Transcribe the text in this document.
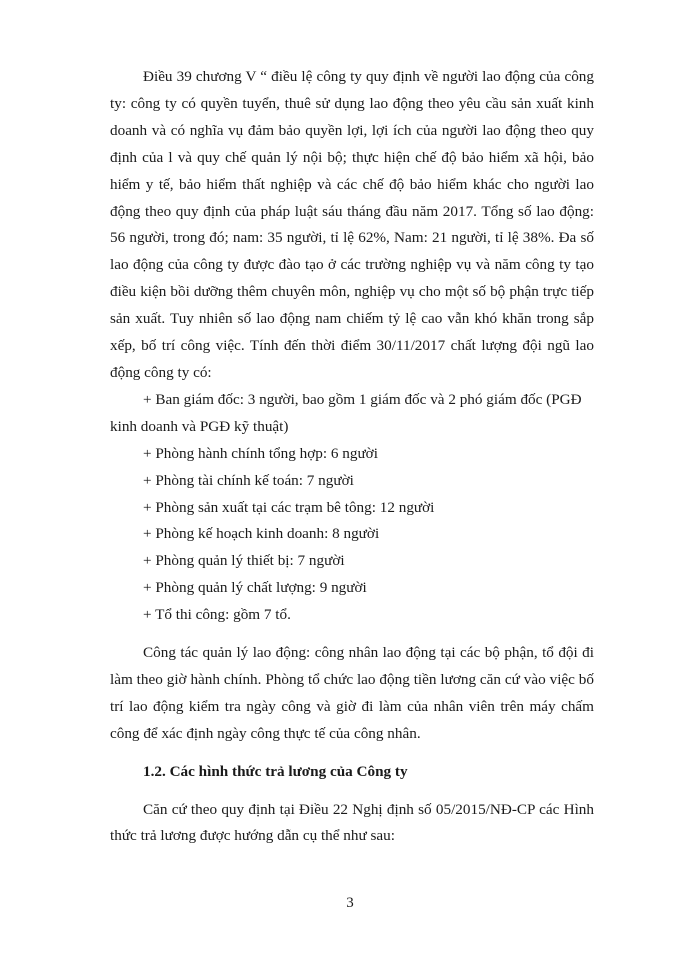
Điều 39 chương V “ điều lệ công ty quy định về người lao động của công ty: công ty có quyền tuyển, thuê sử dụng lao động theo yêu cầu sản xuất kinh doanh và có nghĩa vụ đảm bảo quyền lợi, lợi ích của người lao động theo quy định của l và quy chế quản lý nội bộ; thực hiện chế độ bảo hiểm xã hội, bảo hiểm y tế, bảo hiểm thất nghiệp và các chế độ bảo hiểm khác cho người lao động theo quy định của pháp luật sáu tháng đầu năm 2017. Tổng số lao động: 56 người, trong đó; nam: 35 người, tỉ lệ 62%, Nam: 21 người, tỉ lệ 38%. Đa số lao động của công ty được đào tạo ở các trường nghiệp vụ và năm công ty tạo điều kiện bồi dưỡng thêm chuyên môn, nghiệp vụ cho một số bộ phận trực tiếp sản xuất. Tuy nhiên số lao động nam chiếm tỷ lệ cao vẫn khó khăn trong sắp xếp, bố trí công việc. Tính đến thời điểm 30/11/2017 chất lượng đội ngũ lao động công ty có:

+ Ban giám đốc: 3 người, bao gồm 1 giám đốc và 2 phó giám đốc (PGĐ kinh doanh và PGĐ kỹ thuật)

+ Phòng hành chính tổng hợp: 6 người

+ Phòng tài chính kế toán: 7 người

+ Phòng sản xuất tại các trạm bê tông: 12 người

+ Phòng kế hoạch kinh doanh: 8 người

+ Phòng quản lý thiết bị: 7 người

+ Phòng quản lý chất lượng: 9 người

+ Tổ thi công: gồm 7 tổ.

Công tác quản lý lao động: công nhân lao động tại các bộ phận, tổ đội đi làm theo giờ hành chính. Phòng tổ chức lao động tiền lương căn cứ vào việc bố trí lao động kiểm tra ngày công và giờ đi làm của nhân viên trên máy chấm công để xác định ngày công thực tế của công nhân.

1.2. Các hình thức trả lương của Công ty

Căn cứ theo quy định tại Điều 22 Nghị định số 05/2015/NĐ-CP các Hình thức trả lương được hướng dẫn cụ thể như sau:

3
